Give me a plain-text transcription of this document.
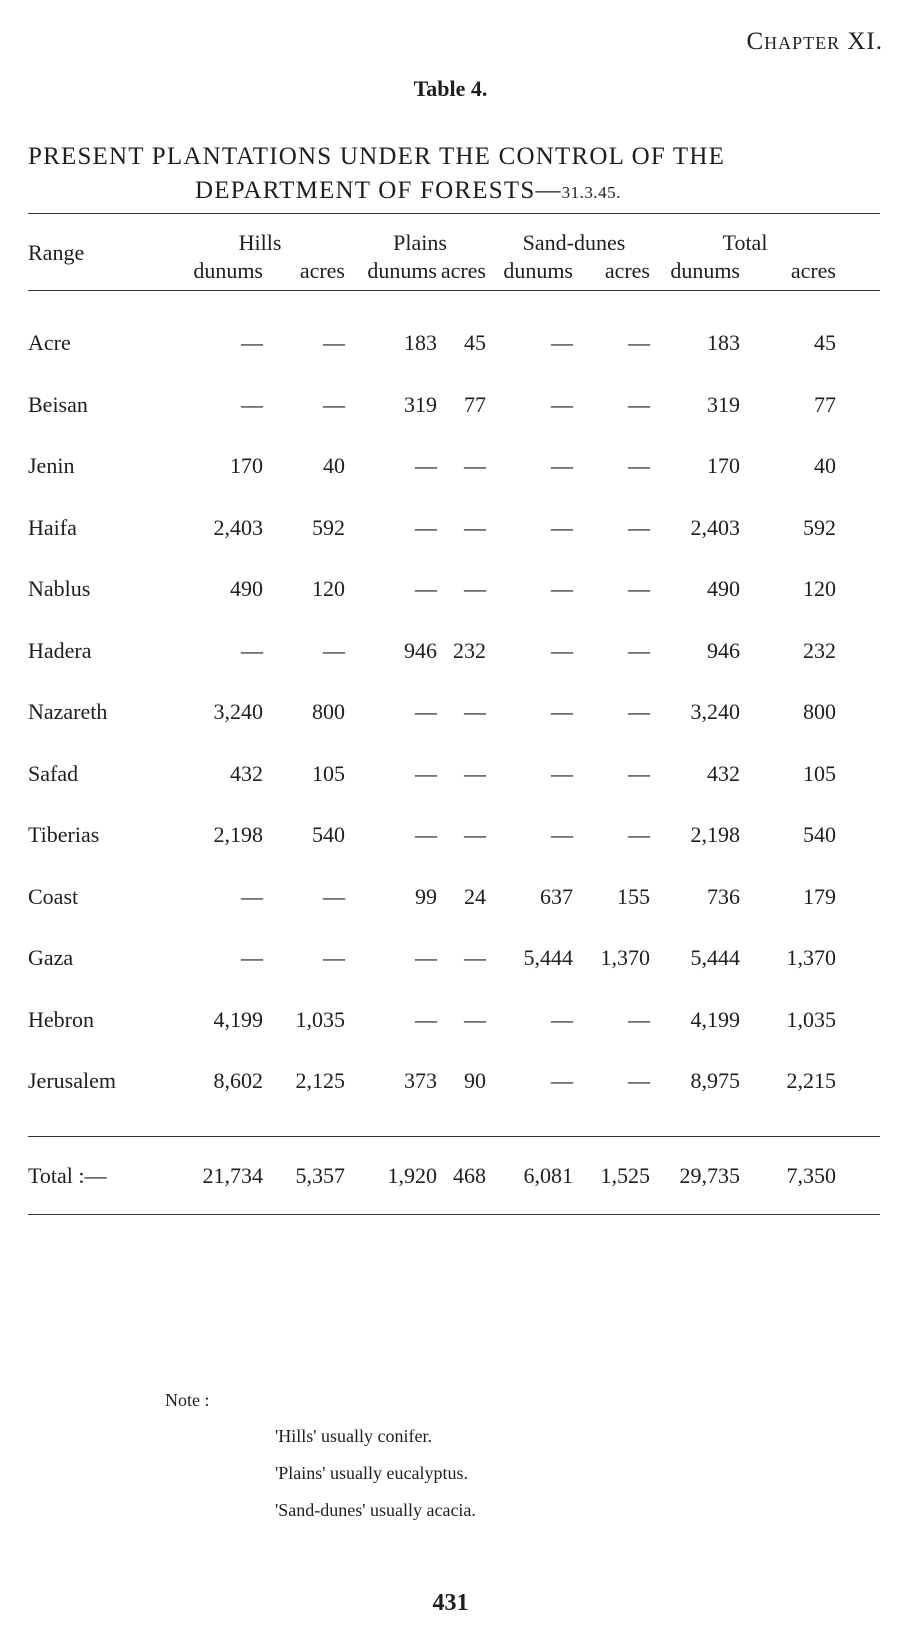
Chapter XI.
Table 4.
PRESENT PLANTATIONS UNDER THE CONTROL OF THE
DEPARTMENT OF FORESTS—31.3.45.
Range	Hills	Plains	Sand-dunes	Total
dunums acres dunums acres dunums acres dunums acres
Acre	—	—	183 45	—	—	183	45
Beisan	—	—	319 77	—	—	319	77
Jenin	170	40	— —	—	—	170	40
Haifa	2,403 592	— —	—	— 2,403	592
Nablus	490 120	— —	—	—	490	120
Hadera	—	—	946 232	—	—	946	232
Nazareth	3,240 800	— —	—	— 3,240	800
Safad	432 105	— —	—	—	432	105
Tiberias	2,198 540	— —	—	— 2,198	540
Coast	—	—	99 24 637 155	736	179
Gaza	—	—	— — 5,444 1,370 5,444 1,370
Hebron	4,199 1,035	— —	—	— 4,199 1,035
Jerusalem	8,602 2,125	373 90	—	— 8,975 2,215
Total :—	21,734 5,357 1,920 468 6,081 1,525 29,735 7,350
Note :
'Hills' usually conifer.
'Plains' usually eucalyptus.
'Sand-dunes' usually acacia.
431
